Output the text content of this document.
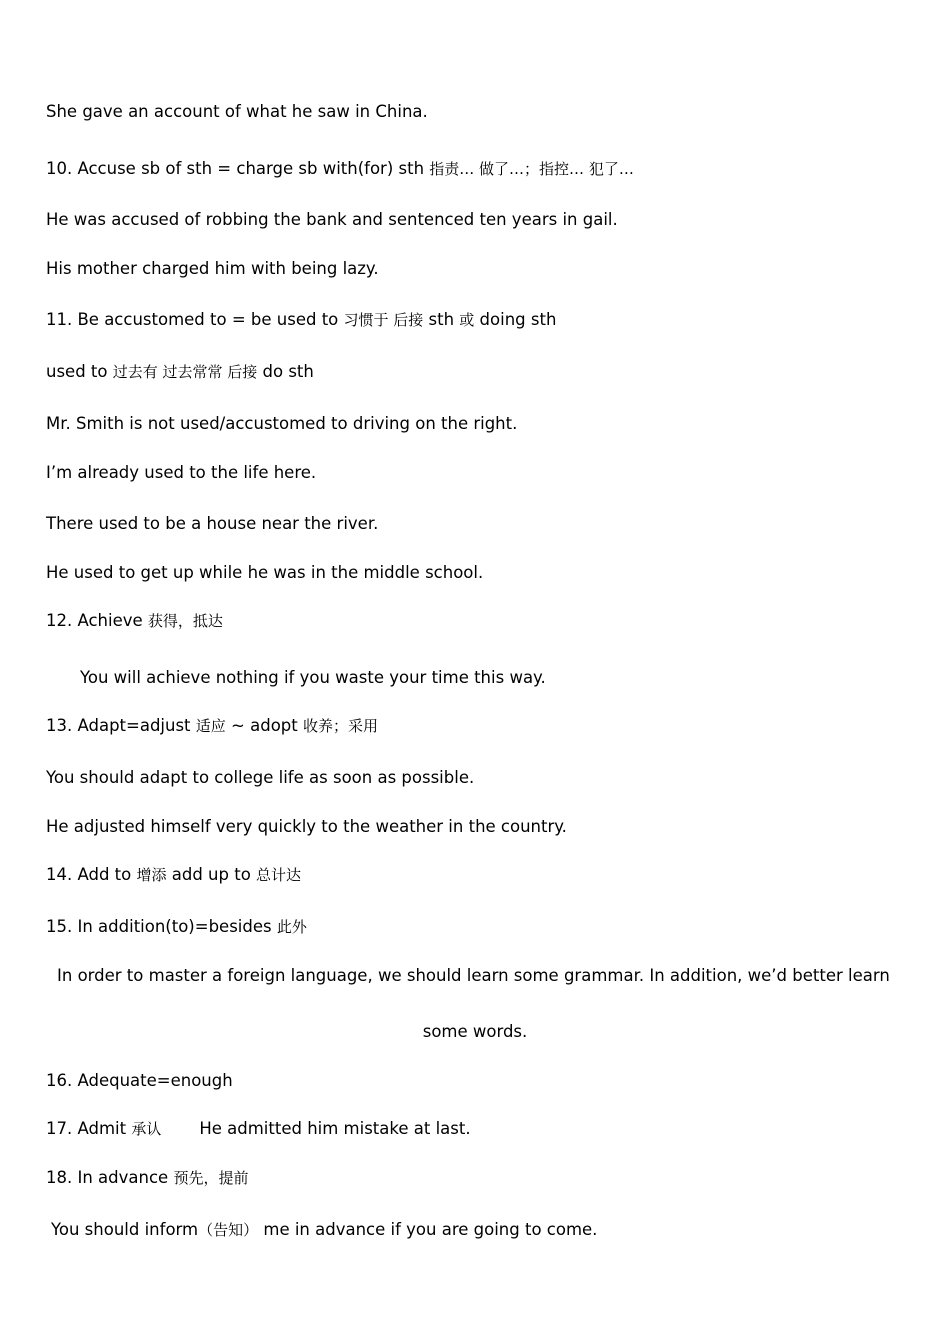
She gave an account of what he saw in China.
10. Accuse sb of sth = charge sb with(for) sth 指责… 做了…；指控… 犯了…
He was accused of robbing the bank and sentenced ten years in gail.
His mother charged him with being lazy.
11. Be accustomed to = be used to 习惯于 后接 sth 或 doing sth
used to 过去有 过去常常 后接 do sth
Mr. Smith is not used/accustomed to driving on the right.
I’m already used to the life here.
There used to be a house near the river.
He used to get up while he was in the middle school.
12. Achieve 获得，抵达
You will achieve nothing if you waste your time this way.
13. Adapt=adjust 适应 ~ adopt 收养；采用
You should adapt to college life as soon as possible.
He adjusted himself very quickly to the weather in the country.
14. Add to 增添 add up to 总计达
15. In addition(to)=besides 此外
In order to master a foreign language, we should learn some grammar. In addition, we’d better learn
some words.
16. Adequate=enough
17. Admit 承认 He admitted him mistake at last.
18. In advance 预先，提前
You should inform（告知） me in advance if you are going to come.
